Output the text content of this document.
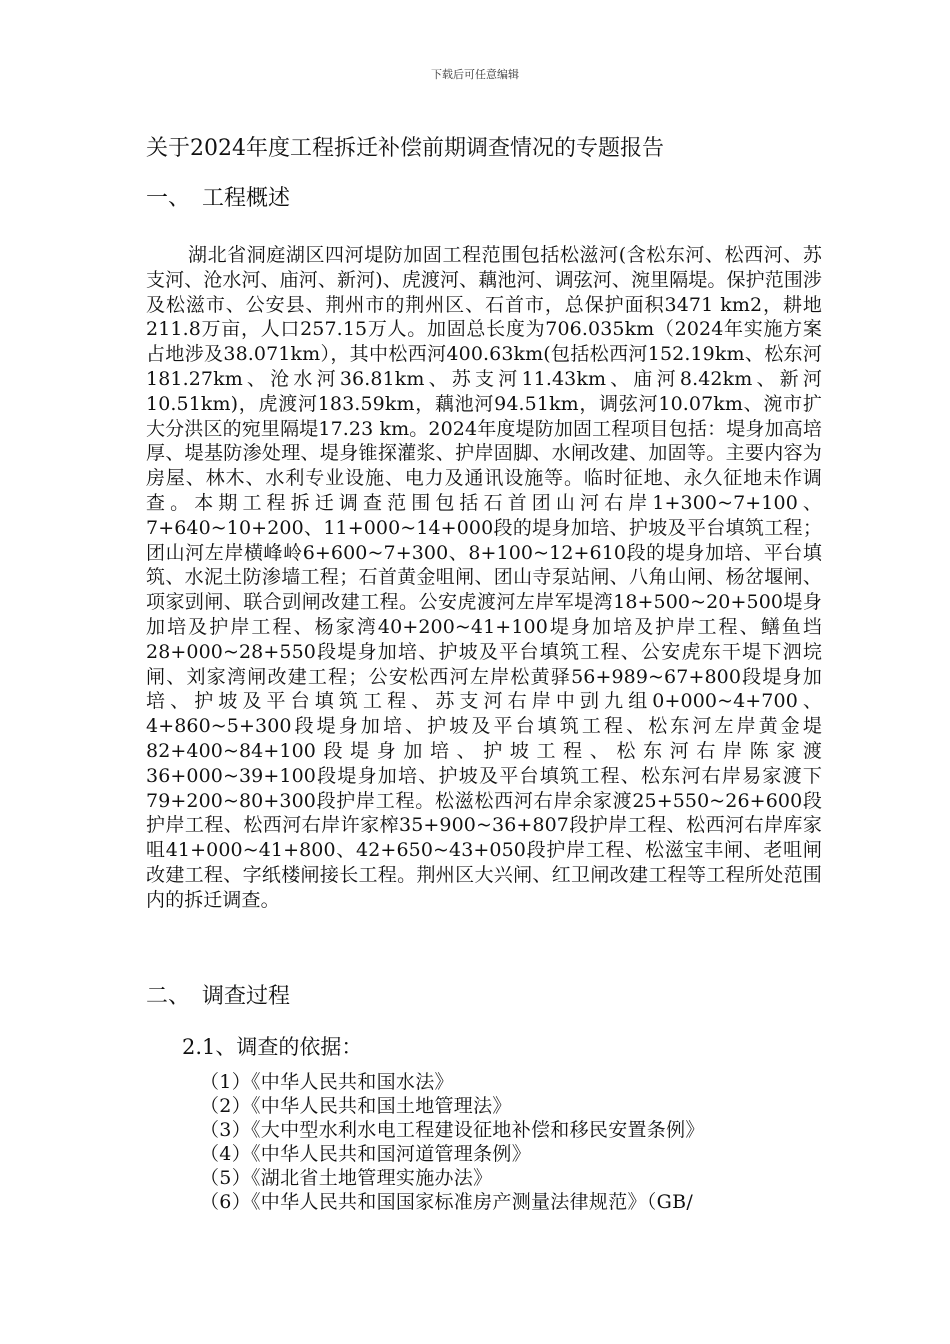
下载后可任意编辑
关于2024年度工程拆迁补偿前期调查情况的专题报告
一、 工程概述

湖北省洞庭湖区四河堤防加固工程范围包括松滋河(含松东河、松西河、苏支河、沧水河、庙河、新河)、虎渡河、藕池河、调弦河、涴里隔堤。保护范围涉及松滋市、公安县、荆州市的荆州区、石首市，总保护面积3471 km2，耕地211.8万亩，人口257.15万人。加固总长度为706.035km（2024年实施方案占地涉及38.071km），其中松西河400.63km(包括松西河152.19km、松东河181.27km、沧水河36.81km、苏支河11.43km、庙河8.42km、新河10.51km)，虎渡河183.59km，藕池河94.51km，调弦河10.07km、涴市扩大分洪区的宛里隔堤17.23 km。2024年度堤防加固工程项目包括：堤身加高培厚、堤基防渗处理、堤身锥探灌浆、护岸固脚、水闸改建、加固等。主要内容为房屋、林木、水利专业设施、电力及通讯设施等。临时征地、永久征地未作调查。本期工程拆迁调查范围包括石首团山河右岸1+300~7+100、7+640~10+200、11+000~14+000段的堤身加培、护坡及平台填筑工程；团山河左岸横峰岭6+600~7+300、8+100~12+610段的堤身加培、平台填筑、水泥土防渗墙工程；石首黄金咀闸、团山寺泵站闸、八角山闸、杨岔堰闸、项家剅闸、联合剅闸改建工程。公安虎渡河左岸军堤湾18+500~20+500堤身加培及护岸工程、杨家湾40+200~41+100堤身加培及护岸工程、鳝鱼垱28+000~28+550段堤身加培、护坡及平台填筑工程、公安虎东干堤下泗垸闸、刘家湾闸改建工程；公安松西河左岸松黄驿56+989~67+800段堤身加培、护坡及平台填筑工程、苏支河右岸中剅九组0+000~4+700、4+860~5+300段堤身加培、护坡及平台填筑工程、松东河左岸黄金堤82+400~84+100段堤身加培、护坡工程、松东河右岸陈家渡36+000~39+100段堤身加培、护坡及平台填筑工程、松东河右岸易家渡下79+200~80+300段护岸工程。松滋松西河右岸余家渡25+550~26+600段护岸工程、松西河右岸许家榨35+900~36+807段护岸工程、松西河右岸库家咀41+000~41+800、42+650~43+050段护岸工程、松滋宝丰闸、老咀闸改建工程、字纸楼闸接长工程。荆州区大兴闸、红卫闸改建工程等工程所处范围内的拆迁调查。

二、 调查过程
2.1、调查的依据：
（1）《中华人民共和国水法》
（2）《中华人民共和国土地管理法》
（3）《大中型水利水电工程建设征地补偿和移民安置条例》
（4）《中华人民共和国河道管理条例》
（5）《湖北省土地管理实施办法》
（6）《中华人民共和国国家标准房产测量法律规范》（GB/
